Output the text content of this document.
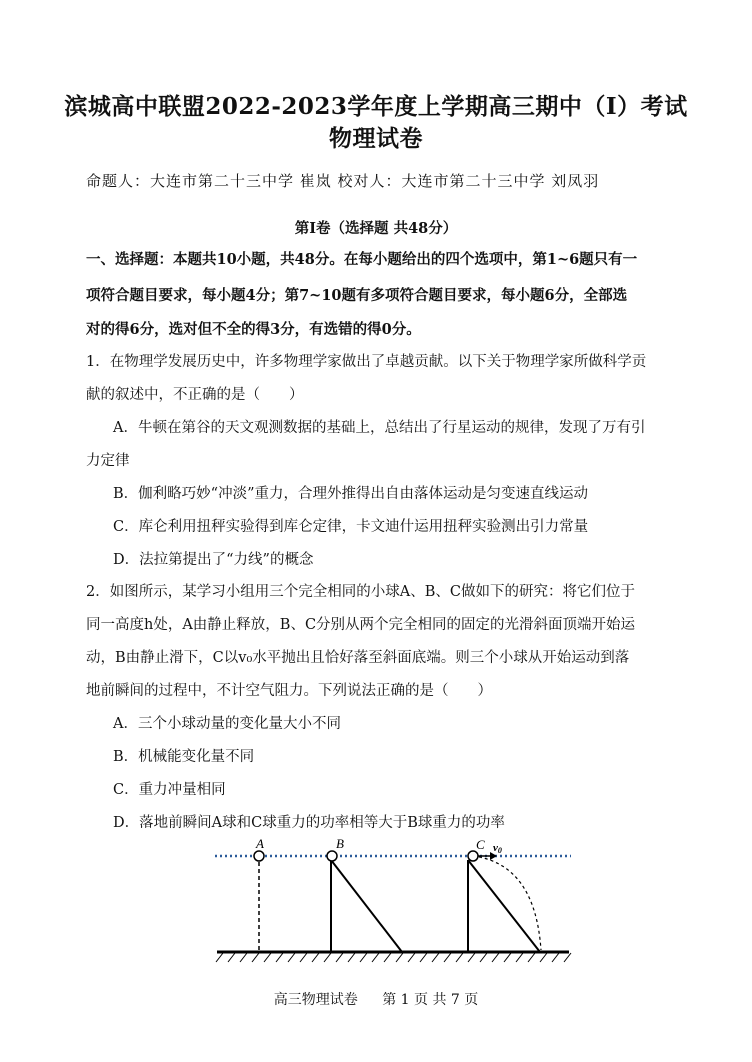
滨城高中联盟2022-2023学年度上学期高三期中（Ⅰ）考试
物理试卷
命题人：大连市第二十三中学 崔岚 校对人：大连市第二十三中学 刘凤羽
第Ⅰ卷（选择题 共48分）
一、选择题：本题共10小题，共48分。在每小题给出的四个选项中，第1~6题只有一
项符合题目要求，每小题4分；第7~10题有多项符合题目要求，每小题6分，全部选
对的得6分，选对但不全的得3分，有选错的得0分。
1．在物理学发展历史中，许多物理学家做出了卓越贡献。以下关于物理学家所做科学贡
献的叙述中，不正确的是（　　）
A．牛顿在第谷的天文观测数据的基础上，总结出了行星运动的规律，发现了万有引
力定律
B．伽利略巧妙“冲淡”重力，合理外推得出自由落体运动是匀变速直线运动
C．库仑利用扭秤实验得到库仑定律，卡文迪什运用扭秤实验测出引力常量
D．法拉第提出了“力线”的概念
2．如图所示，某学习小组用三个完全相同的小球A、B、C做如下的研究：将它们位于
同一高度h处，A由静止释放，B、C分别从两个完全相同的固定的光滑斜面顶端开始运
动，B由静止滑下，C以v₀水平抛出且恰好落至斜面底端。则三个小球从开始运动到落
地前瞬间的过程中，不计空气阻力。下列说法正确的是（　　）
A．三个小球动量的变化量大小不同
B．机械能变化量不同
C．重力冲量相同
D．落地前瞬间A球和C球重力的功率相等大于B球重力的功率
A	B	C v0
高三物理试卷 第 1 页 共 7 页
